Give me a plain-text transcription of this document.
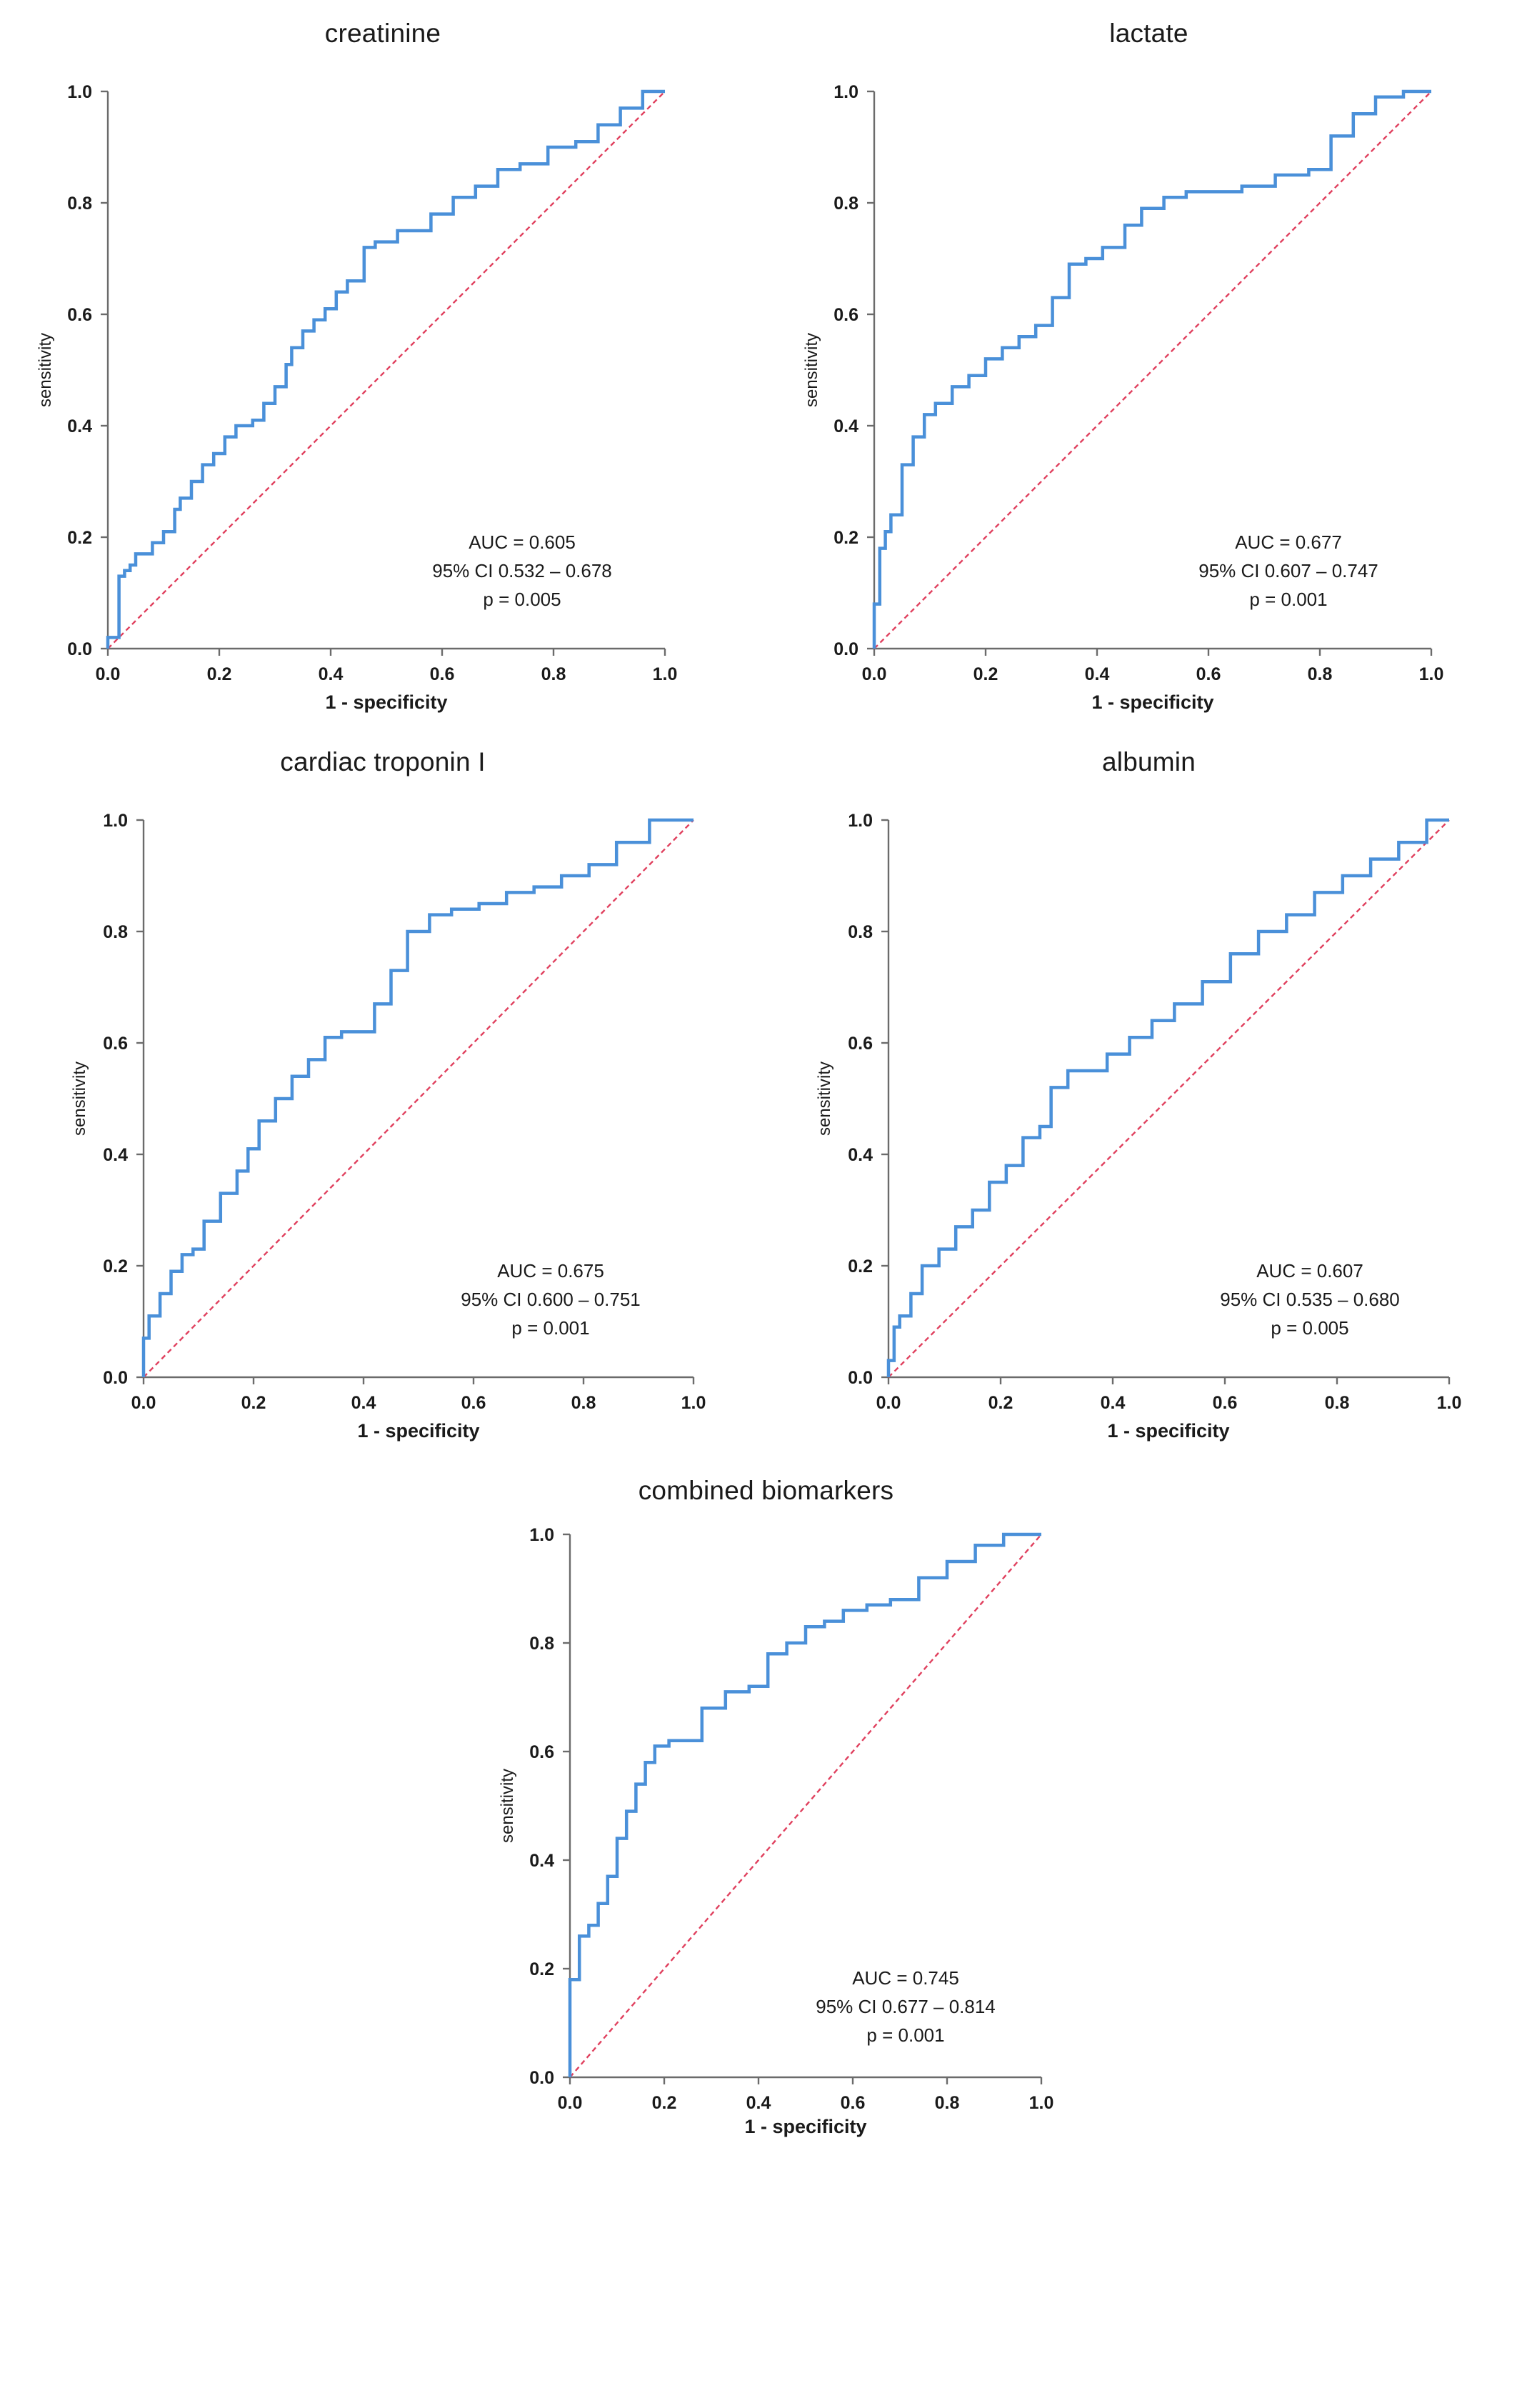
creatinine
0.0
0.2
0.4
0.6
0.8
1.0
0.0	0.2	0.4	0.6	0.8	1.0
1 - specificity
sensitivity
AUC = 0.605
95% CI 0.532 – 0.678
p = 0.005
lactate
0.0
0.2
0.4
0.6
0.8
1.0
0.0	0.2	0.4	0.6	0.8	1.0
1 - specificity
sensitivity
AUC = 0.677
95% CI 0.607 – 0.747
p = 0.001
cardiac troponin I
0.0
0.2
0.4
0.6
0.8
1.0
0.0	0.2	0.4	0.6	0.8	1.0
1 - specificity
sensitivity
AUC = 0.675
95% CI 0.600 – 0.751
p = 0.001
albumin
0.0
0.2
0.4
0.6
0.8
1.0
0.0	0.2	0.4	0.6	0.8	1.0
1 - specificity
sensitivity
AUC = 0.607
95% CI 0.535 – 0.680
p = 0.005
combined biomarkers
0.0
0.2
0.4
0.6
0.8
1.0
0.0	0.2	0.4	0.6	0.8	1.0
1 - specificity
sensitivity
AUC = 0.745
95% CI 0.677 – 0.814
p = 0.001
